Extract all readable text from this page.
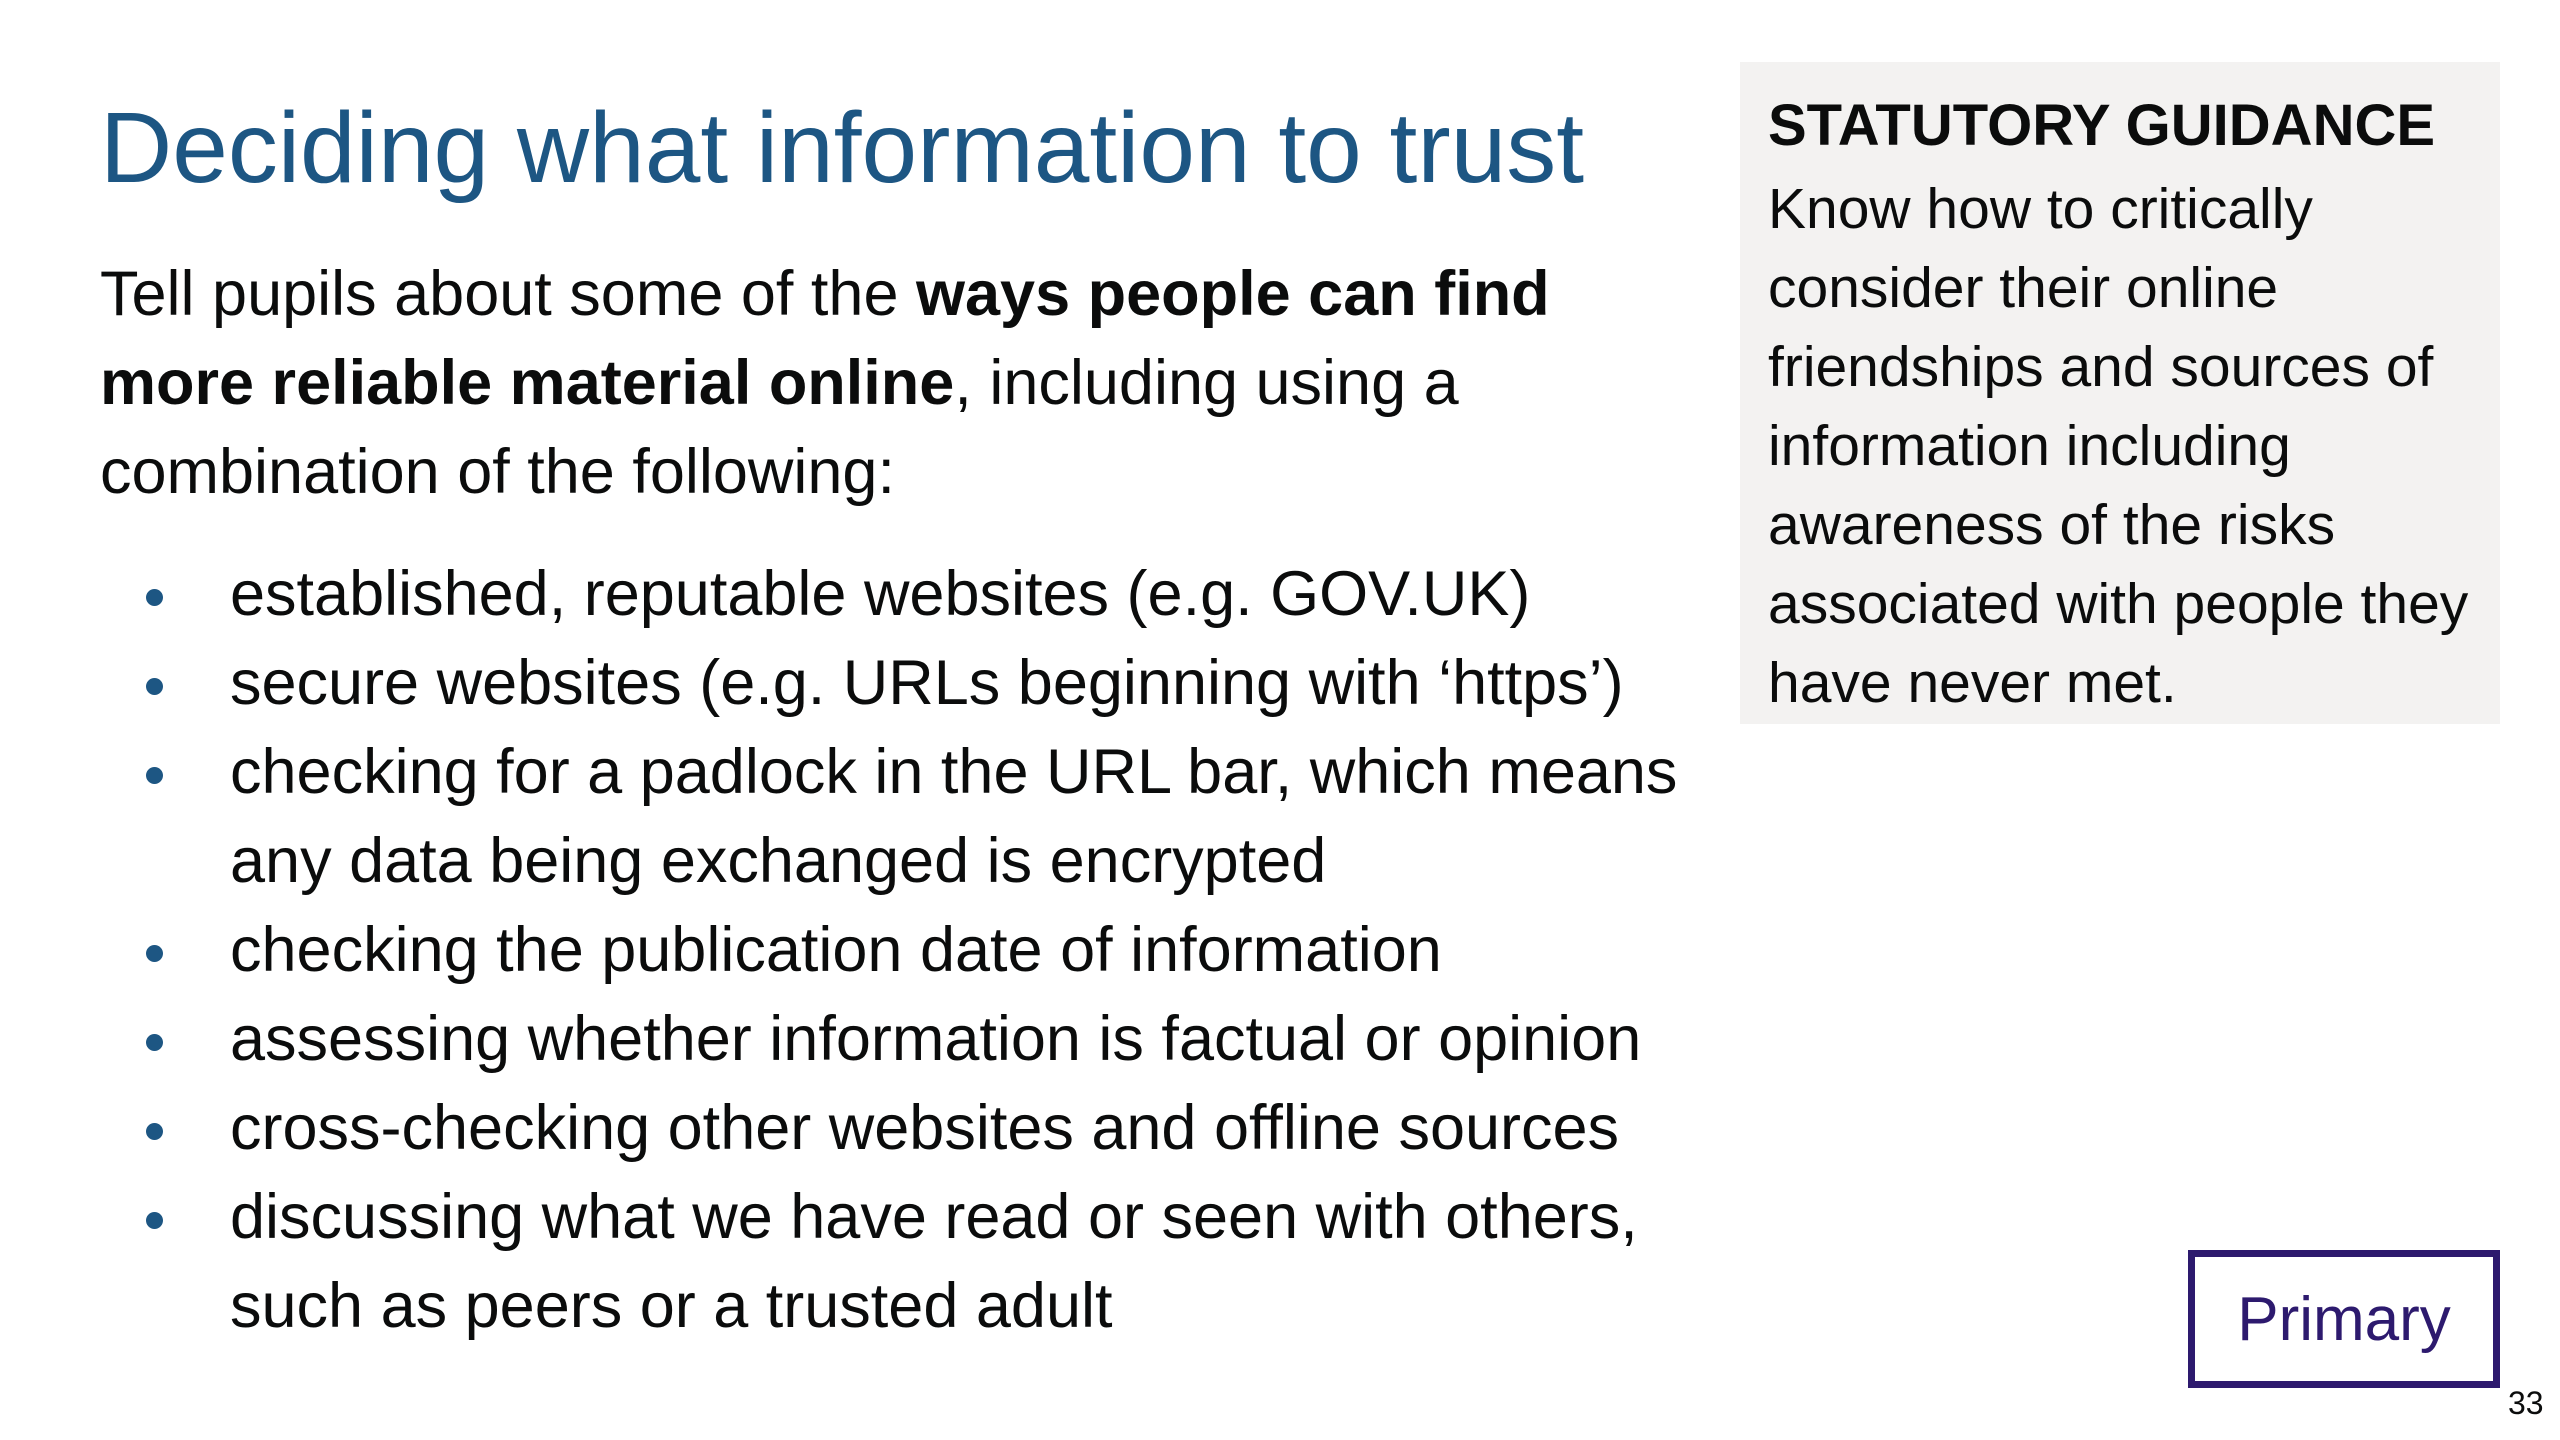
Deciding what information to trust

Tell pupils about some of the ways people can find more reliable material online, including using a combination of the following:

established, reputable websites (e.g. GOV.UK)
secure websites (e.g. URLs beginning with ‘https’)
checking for a padlock in the URL bar, which means any data being exchanged is encrypted
checking the publication date of information
assessing whether information is factual or opinion
cross-checking other websites and offline sources
discussing what we have read or seen with others, such as peers or a trusted adult

STATUTORY GUIDANCE

Know how to critically consider their online friendships and sources of information including awareness of the risks associated with people they have never met.

Primary
33
